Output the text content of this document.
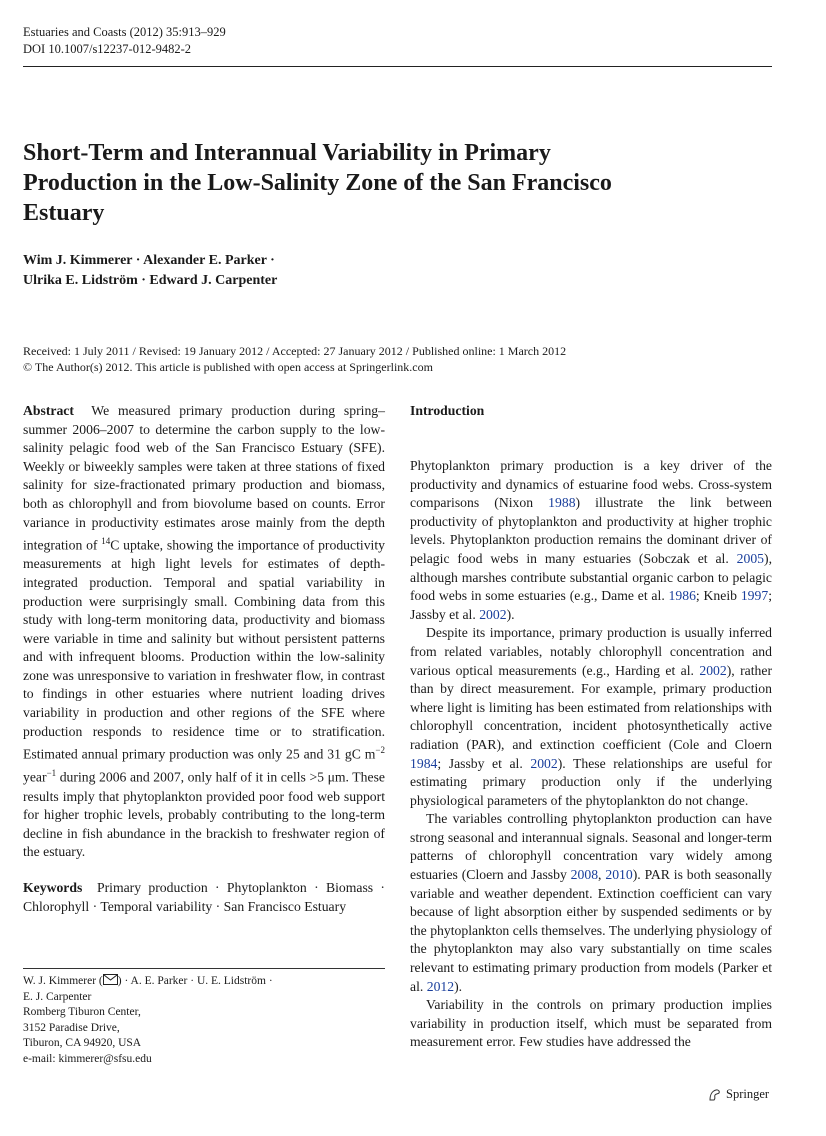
Estuaries and Coasts (2012) 35:913–929
DOI 10.1007/s12237-012-9482-2
Short-Term and Interannual Variability in Primary Production in the Low-Salinity Zone of the San Francisco Estuary
Wim J. Kimmerer · Alexander E. Parker ·
Ulrika E. Lidström · Edward J. Carpenter
Received: 1 July 2011 / Revised: 19 January 2012 / Accepted: 27 January 2012 / Published online: 1 March 2012
© The Author(s) 2012. This article is published with open access at Springerlink.com

Abstract We measured primary production during spring–summer 2006–2007 to determine the carbon supply to the low-salinity pelagic food web of the San Francisco Estuary (SFE). Weekly or biweekly samples were taken at three stations of fixed salinity for size-fractionated primary production and biomass, both as chlorophyll and from biovolume based on counts. Error variance in productivity estimates arose mainly from the depth integration of $^{14}$C uptake, showing the importance of productivity measurements at high light levels for estimates of depth-integrated production. Temporal and spatial variability in production were surprisingly small. Combining data from this study with long-term monitoring data, productivity and biomass were variable in time and salinity but without persistent patterns and with infrequent blooms. Production within the low-salinity zone was unresponsive to variation in freshwater flow, in contrast to findings in other estuaries where nutrient loading drives variability in production and other regions of the SFE where production responds to residence time or to stratification. Estimated annual primary production was only 25 and 31 gC $m^{-2}$ year$^{-1}$ during 2006 and 2007, only half of it in cells >5 μm. These results imply that phytoplankton provided poor food web support for higher trophic levels, probably contributing to the long-term decline in fish abundance in the brackish to freshwater region of the estuary.

Keywords Primary production · Phytoplankton · Biomass · Chlorophyll · Temporal variability · San Francisco Estuary

W. J. Kimmerer ( ) · A. E. Parker · U. E. Lidström ·
E. J. Carpenter
Romberg Tiburon Center,
3152 Paradise Drive,
Tiburon, CA 94920, USA
e-mail: kimmerer@sfsu.edu
Introduction

Phytoplankton primary production is a key driver of the productivity and dynamics of estuarine food webs. Cross-system comparisons (Nixon 1988) illustrate the link between productivity of phytoplankton and productivity at higher trophic levels. Phytoplankton production remains the dominant driver of pelagic food webs in many estuaries (Sobczak et al. 2005), although marshes contribute substantial organic carbon to pelagic food webs in some estuaries (e.g., Dame et al. 1986; Kneib 1997; Jassby et al. 2002).

Despite its importance, primary production is usually inferred from related variables, notably chlorophyll concentration and various optical measurements (e.g., Harding et al. 2002), rather than by direct measurement. For example, primary production where light is limiting has been estimated from relationships with chlorophyll concentration, incident photosynthetically active radiation (PAR), and extinction coefficient (Cole and Cloern 1984; Jassby et al. 2002). These relationships are useful for estimating primary production only if the underlying physiological parameters of the phytoplankton do not change.

The variables controlling phytoplankton production can have strong seasonal and interannual signals. Seasonal and longer-term patterns of chlorophyll concentration vary widely among estuaries (Cloern and Jassby 2008, 2010). PAR is both seasonally variable and weather dependent. Extinction coefficient can vary because of light absorption either by suspended sediments or by the phytoplankton cells themselves. The underlying physiology of the phytoplankton may also vary substantially on time scales relevant to estimating primary production from models (Parker et al. 2012).

Variability in the controls on primary production implies variability in production itself, which must be separated from measurement error. Few studies have addressed the

Springer
